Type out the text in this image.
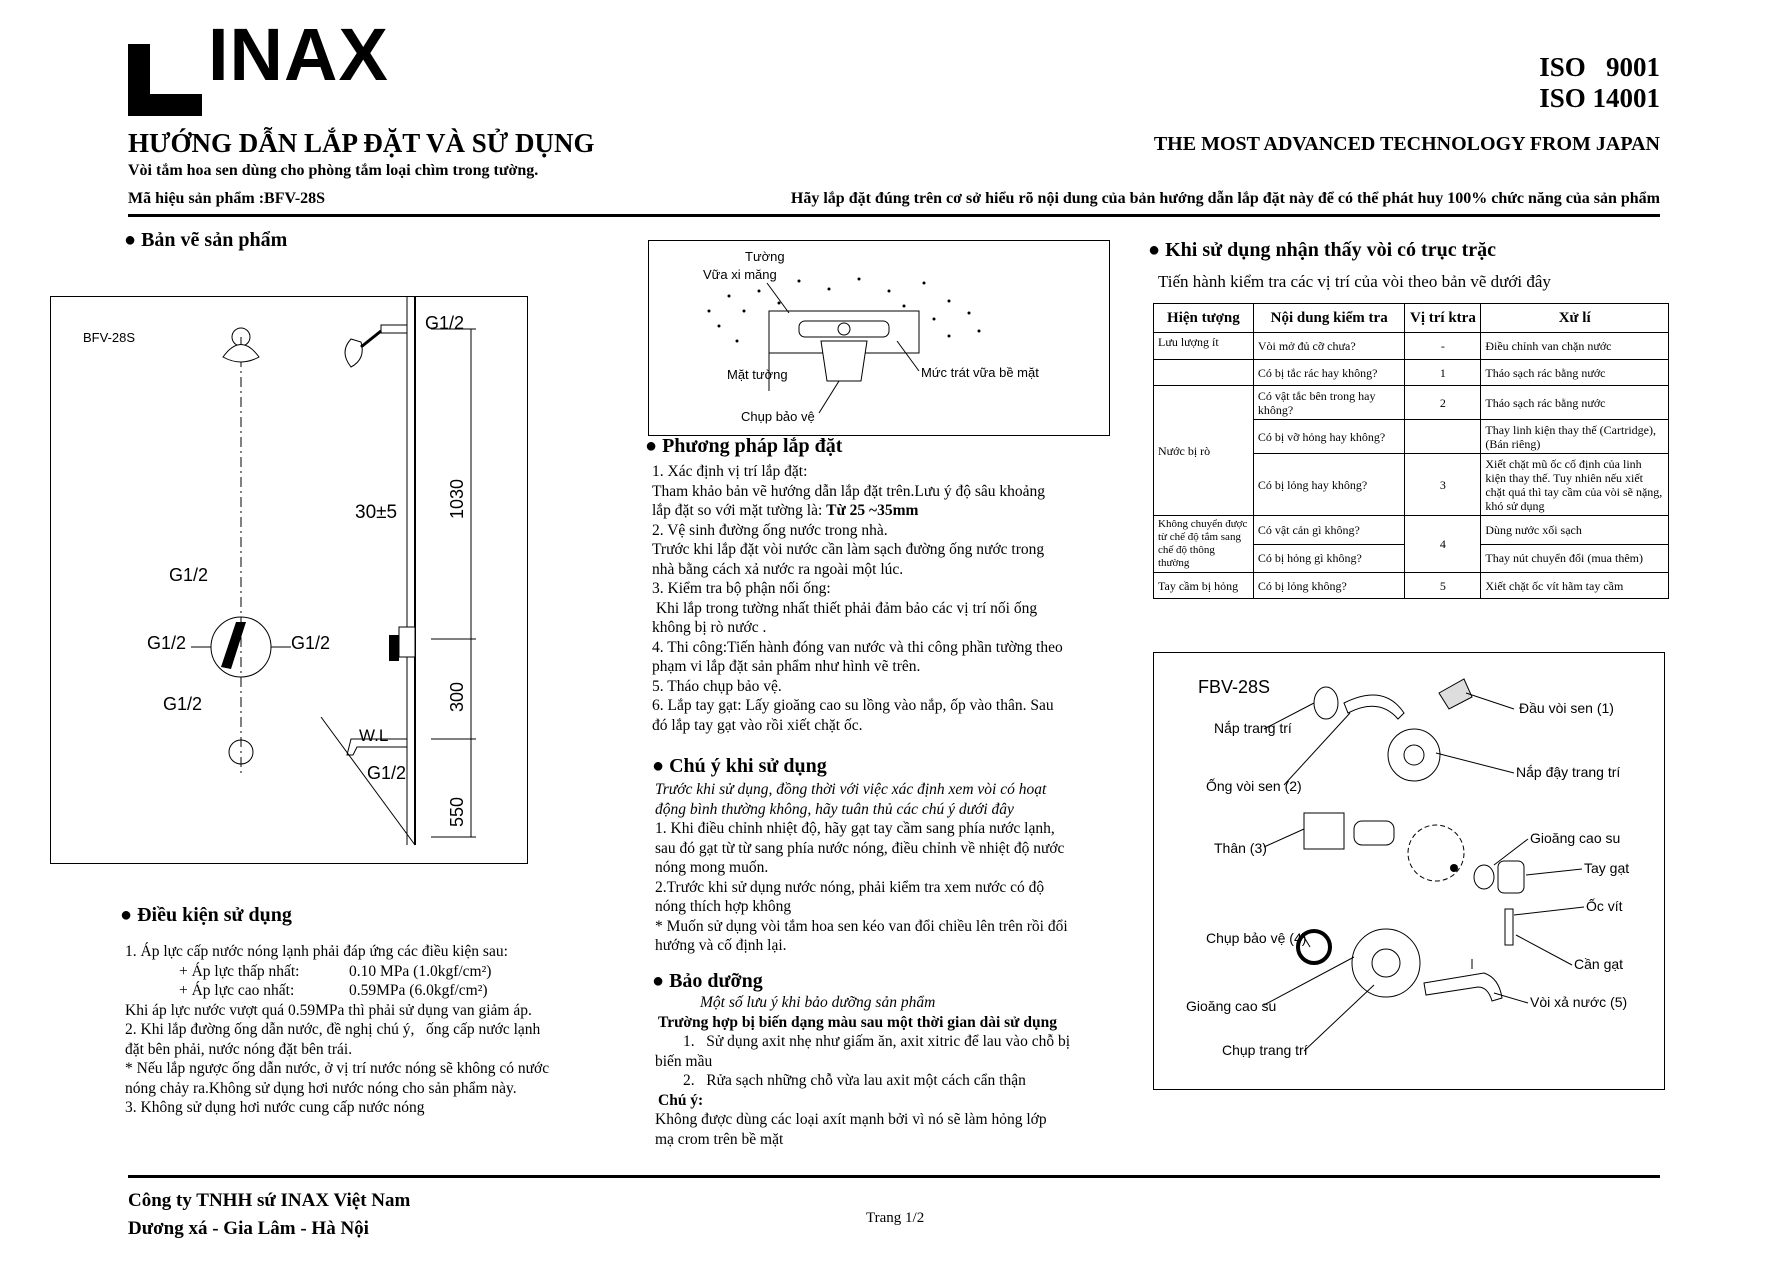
INAX	ISO   9001
ISO 14001
HƯỚNG DẪN LẮP ĐẶT VÀ SỬ DỤNG	THE MOST ADVANCED TECHNOLOGY FROM JAPAN
Vòi tắm hoa sen dùng cho phòng tắm loại chìm trong tường.
Mã hiệu sản phẩm :BFV-28S	Hãy lắp đặt đúng trên cơ sở hiểu rõ nội dung của bản hướng dẫn lắp đặt này để có thể phát huy 100% chức năng của sản phẩm
● Bản vẽ sản phẩm
BFV-28S
G1/2
G1/2	G1/2
G1/2
G1/2
G1/2
W.L
30±5	1030
300
550
● Điều kiện sử dụng
1. Áp lực cấp nước nóng lạnh phải đáp ứng các điều kiện sau:
+ Áp lực thấp nhất:	0.10 MPa (1.0kgf/cm²)
+ Áp lực cao nhất:	0.59MPa (6.0kgf/cm²)
Khi áp lực nước vượt quá 0.59MPa thì phải sử dụng van giảm áp.
2. Khi lắp đường ống dẫn nước, đề nghị chú ý,   ống cấp nước lạnh
đặt bên phải, nước nóng đặt bên trái.
* Nếu lắp ngược ống dẫn nước, ở vị trí nước nóng sẽ không có nước
nóng chảy ra.Không sử dụng hơi nước nóng cho sản phẩm này.
3. Không sử dụng hơi nước cung cấp nước nóng
Tường
Vữa xi măng
Mặt tường	Mức trát vữa bề mặt
Chụp bảo vệ
● Phương pháp lắp đặt
1. Xác định vị trí lắp đặt:
Tham khảo bản vẽ hướng dẫn lắp đặt trên.Lưu ý độ sâu khoảng
lắp đặt so với mặt tường là: Từ 25 ~35mm
2. Vệ sinh đường ống nước trong nhà.
Trước khi lắp đặt vòi nước cần làm sạch đường ống nước trong
nhà bằng cách xả nước ra ngoài một lúc.
3. Kiểm tra bộ phận nối ống:
Khi lắp trong tường nhất thiết phải đảm bảo các vị trí nối ống
không bị rò nước .
4. Thi công:Tiến hành đóng van nước và thi công phần tường theo
phạm vi lắp đặt sản phẩm như hình vẽ trên.
5. Tháo chụp bảo vệ.
6. Lắp tay gạt: Lấy gioăng cao su lồng vào nắp, ốp vào thân. Sau
đó lắp tay gạt vào rồi xiết chặt ốc.
● Chú ý khi sử dụng
Trước khi sử dụng, đồng thời với việc xác định xem vòi có hoạt
động bình thường không, hãy tuân thủ các chú ý dưới đây
1. Khi điều chỉnh nhiệt độ, hãy gạt tay cầm sang phía nước lạnh,
sau đó gạt từ từ sang phía nước nóng, điều chỉnh về nhiệt độ nước
nóng mong muốn.
2.Trước khi sử dụng nước nóng, phải kiểm tra xem nước có độ
nóng thích hợp không
* Muốn sử dụng vòi tắm hoa sen kéo van đổi chiều lên trên rồi đổi
hướng và cố định lại.
● Bảo dưỡng
Một số lưu ý khi bảo dưỡng sản phẩm
Trường hợp bị biến dạng màu sau một thời gian dài sử dụng
1.   Sử dụng axit nhẹ như giấm ăn, axit xitric để lau vào chỗ bị
biến mầu
2.   Rửa sạch những chỗ vừa lau axit một cách cẩn thận
Chú ý:
Không được dùng các loại axít mạnh bởi vì nó sẽ làm hỏng lớp
mạ crom trên bề mặt
● Khi sử dụng nhận thấy vòi có trục trặc
Tiến hành kiểm tra các vị trí của vòi theo bản vẽ dưới đây
Hiện tượng	Nội dung kiểm tra	Vị trí ktra	Xử lí
Lưu lượng ít	Vòi mở đủ cỡ chưa?	-	Điều chỉnh van chặn nước
	Có bị tắc rác hay không?	1	Tháo sạch rác bằng nước
Nước bị rò	Có vật tắc bên trong hay không?	2	Tháo sạch rác bằng nước
	Có bị vỡ hỏng hay không?		Thay linh kiện thay thế (Cartridge), (Bán riêng)
	Có bị lỏng hay không?	3	Xiết chặt mũ ốc cố định của linh kiện thay thế. Tuy nhiên nếu xiết chặt quá thì tay cầm của vòi sẽ nặng, khó sử dụng
Không chuyển được từ chế độ tắm sang chế độ thông thường	Có vật cản gì không?	4	Dùng nước xối sạch
	Có bị hỏng gì không?		Thay nút chuyển đổi (mua thêm)
Tay cầm bị hỏng	Có bị lỏng không?	5	Xiết chặt ốc vít hãm tay cầm
FBV-28S
Nắp trang trí
Đầu vòi sen (1)
Ống vòi sen (2)
Nắp đậy trang trí
Thân (3)
Gioăng cao su
Tay gạt
Ốc vít
Chụp bảo vệ (4)
Cần gạt
Gioăng cao su	Vòi xả nước (5)
Chụp trang trí
Công ty TNHH sứ INAX Việt Nam
Dương xá - Gia Lâm - Hà Nội	Trang 1/2
